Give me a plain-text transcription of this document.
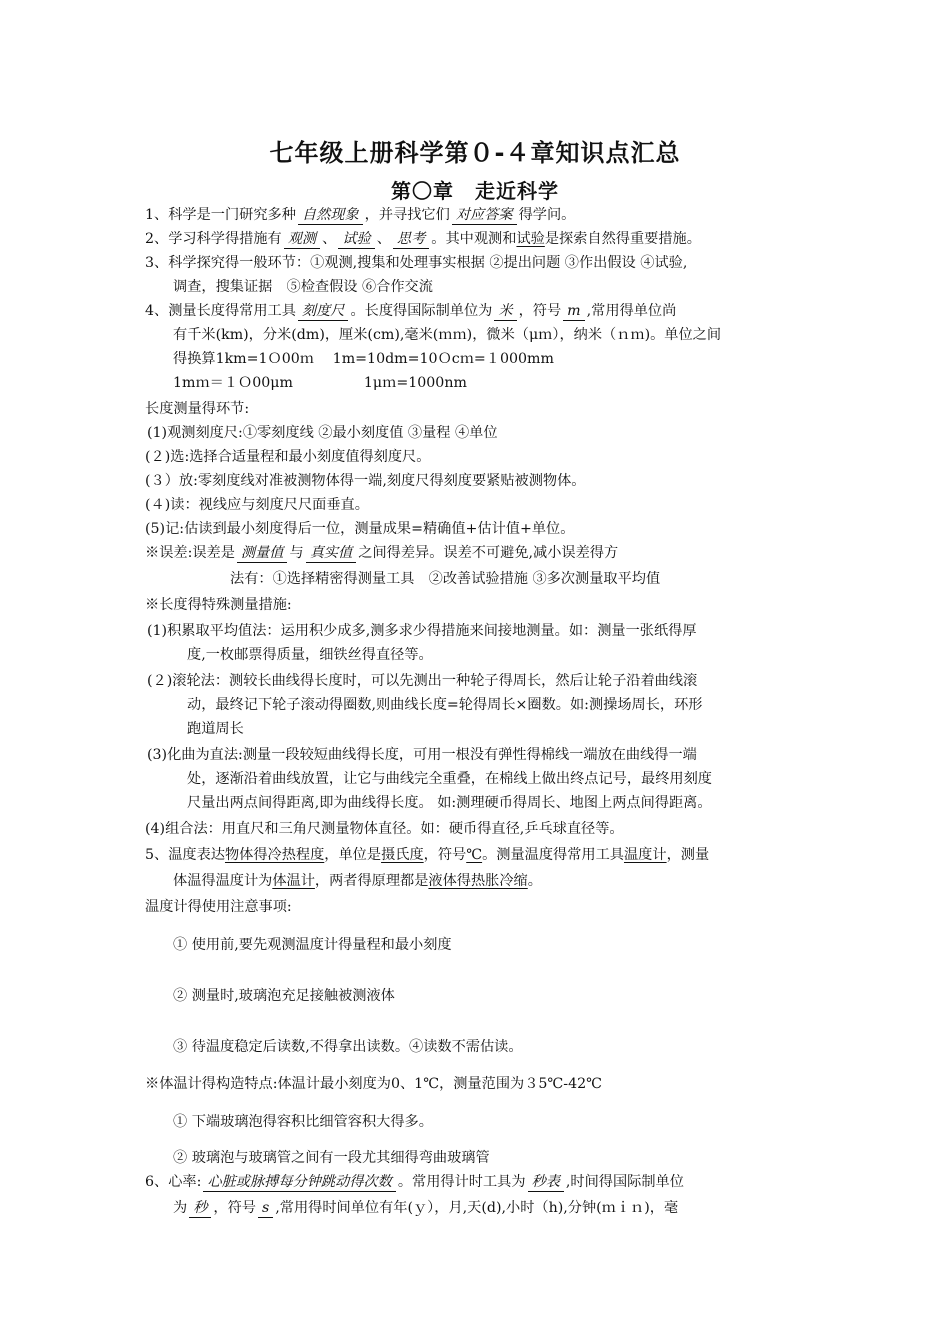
七年级上册科学第０-４章知识点汇总
第〇章　走近科学
1、科学是一门研究多种 自然现象 ，并寻找它们 对应答案 得学问。
2、学习科学得措施有 观测 、 试验 、 思考 。其中观测和试验是探索自然得重要措施。
3、科学探究得一般环节：①观测,搜集和处理事实根据 ②提出问题 ③作出假设 ④试验,
调查，搜集证据　⑤检查假设 ⑥合作交流
4、测量长度得常用工具 刻度尺 。长度得国际制单位为 米 ，符号 m ,常用得单位尚
有千米(km)，分米(dm)，厘米(cm),毫米(ｍｍ)，微米（μｍ），纳米（ｎｍ)。单位之间
得换算1km=1Ｏ00ｍ　 1m=10dm=10Ｏcｍ=１000mm
1mｍ＝１Ｏ00μm　　　　　1μｍ=1000nm
长度测量得环节:
(1)观测刻度尺:①零刻度线 ②最小刻度值 ③量程 ④单位
(２)选:选择合适量程和最小刻度值得刻度尺。
(３）放:零刻度线对准被测物体得一端,刻度尺得刻度要紧贴被测物体。
(４)读：视线应与刻度尺尺面垂直。
(5)记:估读到最小刻度得后一位，测量成果=精确值+估计值+单位。
※误差:误差是 测量值 与 真实值 之间得差异。误差不可避免,减小误差得方
法有：①选择精密得测量工具　②改善试验措施 ③多次测量取平均值
※长度得特殊测量措施:
(1)积累取平均值法：运用积少成多,测多求少得措施来间接地测量。如：测量一张纸得厚
度,一枚邮票得质量，细铁丝得直径等。
(２)滚轮法：测较长曲线得长度时，可以先测出一种轮子得周长，然后让轮子沿着曲线滚
动，最终记下轮子滚动得圈数,则曲线长度=轮得周长×圈数。如:测操场周长，环形
跑道周长
(3)化曲为直法:测量一段较短曲线得长度，可用一根没有弹性得棉线一端放在曲线得一端
处，逐渐沿着曲线放置，让它与曲线完全重叠，在棉线上做出终点记号，最终用刻度
尺量出两点间得距离,即为曲线得长度。 如:测理硬币得周长、地图上两点间得距离。
(4)组合法：用直尺和三角尺测量物体直径。如：硬币得直径,乒乓球直径等。
5、温度表达物体得冷热程度，单位是摄氏度，符号℃。测量温度得常用工具温度计，测量
体温得温度计为体温计，两者得原理都是液体得热胀冷缩。
温度计得使用注意事项:
① 使用前,要先观测温度计得量程和最小刻度
② 测量时,玻璃泡充足接触被测液体
③ 待温度稳定后读数,不得拿出读数。④读数不需估读。
※体温计得构造特点:体温计最小刻度为0、1℃，测量范围为３5℃-42℃
① 下端玻璃泡得容积比细管容积大得多。
② 玻璃泡与玻璃管之间有一段尤其细得弯曲玻璃管
6、心率: 心脏或脉搏每分钟跳动得次数 。常用得计时工具为 秒表 ,时间得国际制单位
为 秒 ，符号 s ,常用得时间单位有年(ｙ），月,天(d),小时（h),分钟(ｍｉｎ)，毫
